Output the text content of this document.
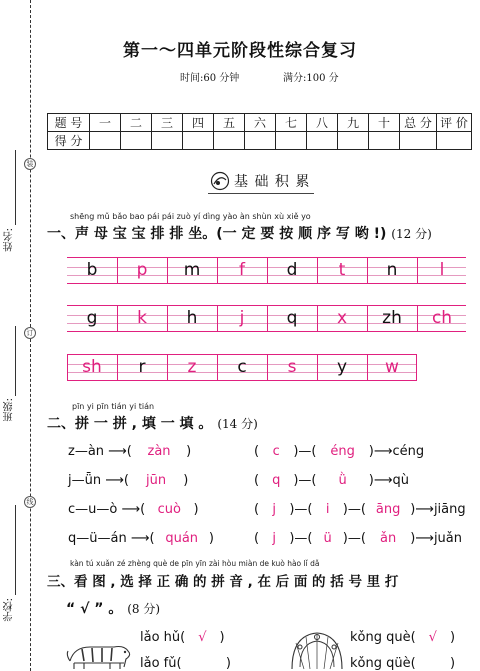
姓名:
班级:
学校:
装
订
线
第一～四单元阶段性综合复习
时间:60 分钟	满分:100 分
题 号	一	二	三	四	五	六	七	八	九	十	总 分	评 价
得 分												
基 础 积 累
shēng mǔ bǎo bao pái pái zuò yí dìng yào àn shùn xù xiě yo
一、声 母 宝 宝 排 排 坐。(一 定 要 按 顺 序 写 哟 !) (12 分)
b	p	m	f	d	t	n	l
g	k	h	j	q	x	zh	ch
sh	r	z	c	s	y	w
pīn yi pīn tián yi tián
二、拼 一 拼 , 填 一 填 。 (14 分)
z—àn ⟶( zàn )	( c )—( éng )⟶céng
j—ǖn ⟶( jūn )	( q )—( ǜ )⟶qù
c—u—ò ⟶( cuò )	( j )—( i )—( āng )⟶jiāng
q—ü—án ⟶( quán )	( j )—( ü )—( ǎn )⟶juǎn
kàn tú xuǎn zé zhèng què de pīn yīn zài hòu miàn de kuò hào lǐ dǎ
三、看 图 , 选 择 正 确 的 拼 音 , 在 后 面 的 括 号 里 打
“ √ ” 。 (8 分)
lǎo hǔ( √ )
lǎo fǔ(	)
kǒng què( √ )
kǒng qüè(	)
